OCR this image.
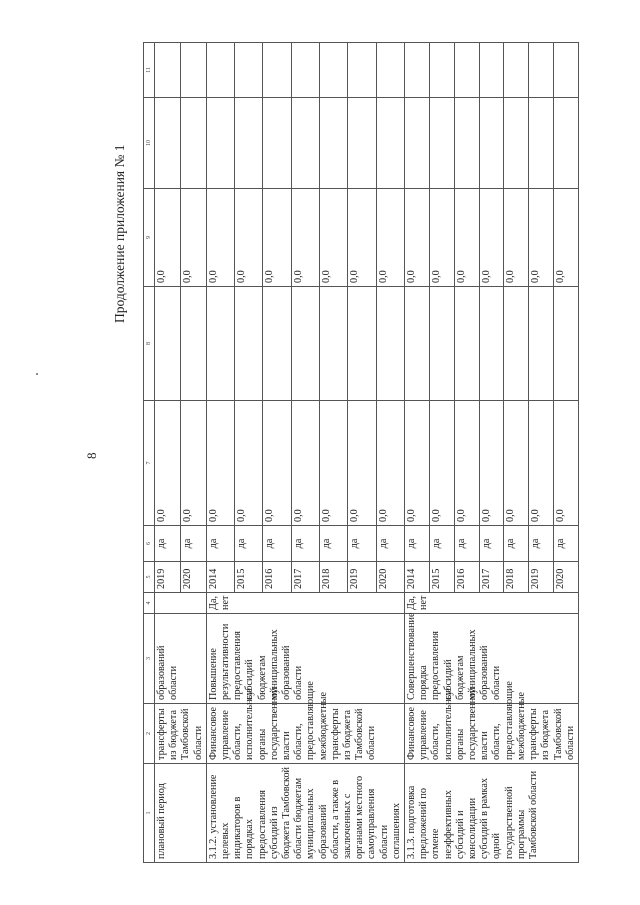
8
Продолжение приложения № 1
1	2	3	4	5	6	7	8	9	10	11
плановый период	трансферты из бюджета Тамбовской области	образований области		2019	да	0,0		0,0		
				2020	да	0,0		0,0		
3.1.2. установление целевых индикаторов в порядках предоставления субсидий из бюджета Тамбовской области бюджетам муниципальных образований области, а также в заключенных с органами местного самоуправления области соглашениях	Финансовое управление области, исполнительные органы государственной власти области, предоставляющие межбюджетные трансферты из бюджета Тамбовской области	Повышение результативности предоставления субсидий бюджетам муниципальных образований области	Да, нет	2014	да	0,0		0,0		
				2015	да	0,0		0,0		
				2016	да	0,0		0,0		
				2017	да	0,0		0,0		
				2018	да	0,0		0,0		
				2019	да	0,0		0,0		
				2020	да	0,0		0,0		
3.1.3. подготовка предложений по отмене неэффективных субсидий и консолидации субсидий в рамках одной государственной программы Тамбовской области	Финансовое управление области, исполнительные органы государственной власти области, предоставляющие межбюджетные трансферты из бюджета Тамбовской области	Совершенствование порядка предоставления субсидий бюджетам муниципальных образований области	Да, нет	2014	да	0,0		0,0		
				2015	да	0,0		0,0		
				2016	да	0,0		0,0		
				2017	да	0,0		0,0		
				2018	да	0,0		0,0		
				2019	да	0,0		0,0		
				2020	да	0,0		0,0		
